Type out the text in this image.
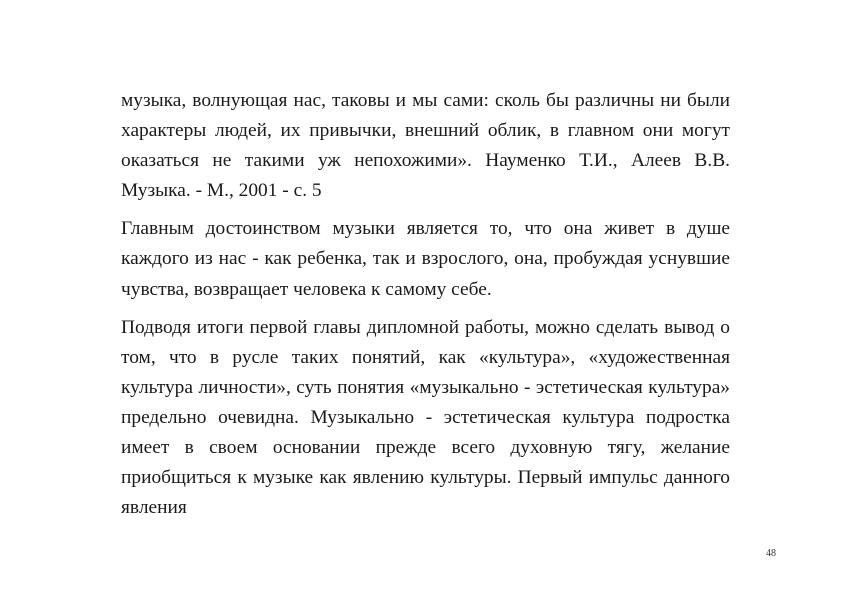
музыка, волнующая нас, таковы и мы сами: сколь бы различны ни были характеры людей, их привычки, внешний облик, в главном они могут оказаться не такими уж непохожими». Науменко Т.И., Алеев В.В. Музыка. - М., 2001 - с. 5

Главным достоинством музыки является то, что она живет в душе каждого из нас - как ребенка, так и взрослого, она, пробуждая уснувшие чувства, возвращает человека к самому себе.

Подводя итоги первой главы дипломной работы, можно сделать вывод о том, что в русле таких понятий, как «культура», «художественная культура личности», суть понятия «музыкально - эстетическая культура» предельно очевидна. Музыкально - эстетическая культура подростка имеет в своем основании прежде всего духовную тягу, желание приобщиться к музыке как явлению культуры. Первый импульс данного явления

48
